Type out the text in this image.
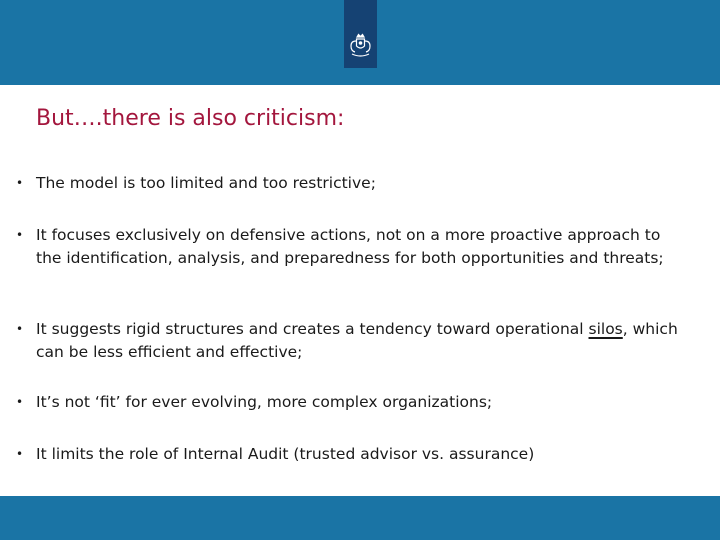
But….there is also criticism:
• The model is too limited and too restrictive;
• It focuses exclusively on defensive actions, not on a more proactive approach to the identification, analysis, and preparedness for both opportunities and threats;
• It suggests rigid structures and creates a tendency toward operational silos, which can be less efficient and effective;
• It’s not ‘fit’ for ever evolving, more complex organizations;
• It limits the role of Internal Audit (trusted advisor vs. assurance)
